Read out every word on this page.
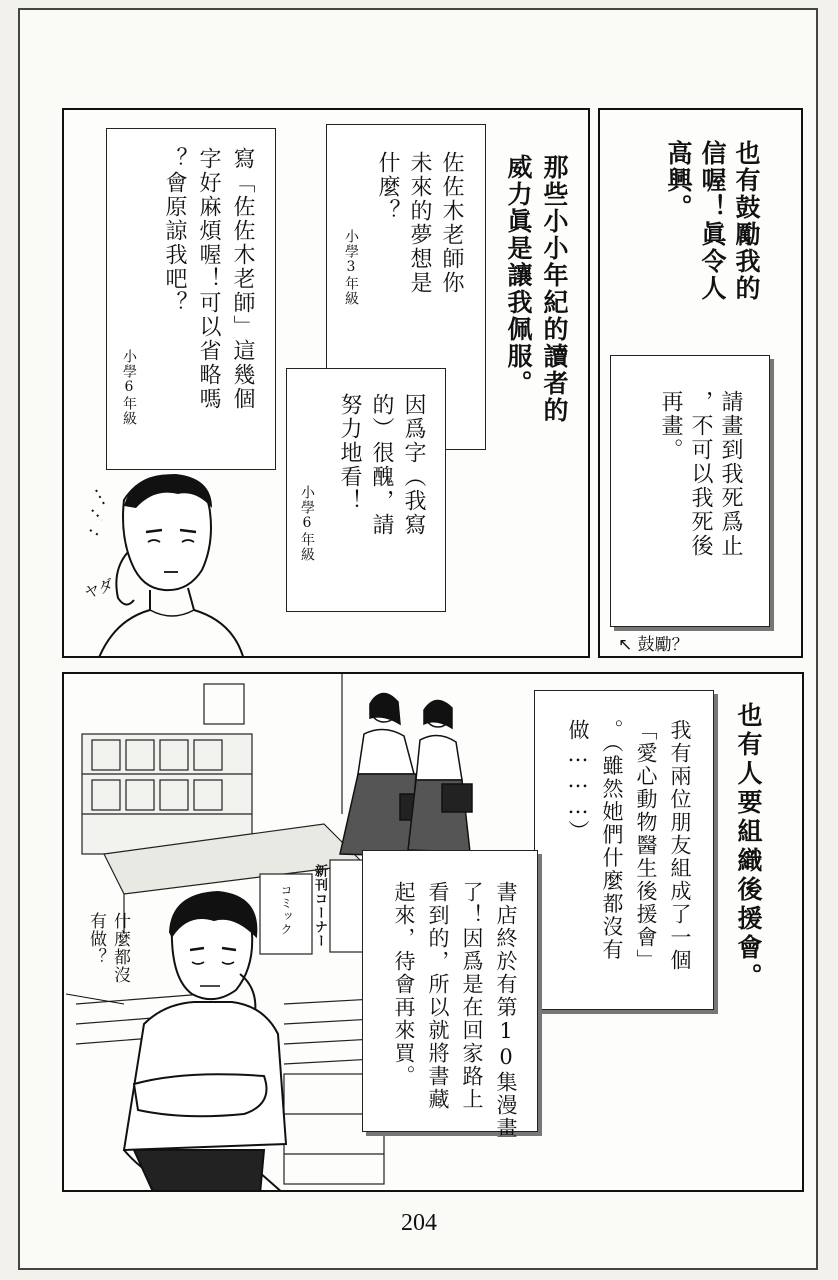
也有鼓勵我的
信喔！眞令人
高興。
請畫到我死爲止
，不可以我死後
再畫。
↖ 鼓勵？
那些小小年紀的讀者的
威力眞是讓我佩服。
佐佐木老師你
未來的夢想是
什麼？
小學3年級
寫「佐佐木老師」這幾個
字好麻煩喔！可以省略嗎
？會原諒我吧？
小學6年級
因爲字（我寫
的）很醜，請
努力地看！
小學6年級
ヤダ
新刊コーナー
コミック
什麼都沒
有做？	也有人要組織後援會。
我有兩位朋友組成了一個
「愛心動物醫生後援會」
。（雖然她們什麼都沒有
做………）
書店終於有第10集漫畫
了！因爲是在回家路上
看到的，所以就將書藏
起來，待會再來買。
204
